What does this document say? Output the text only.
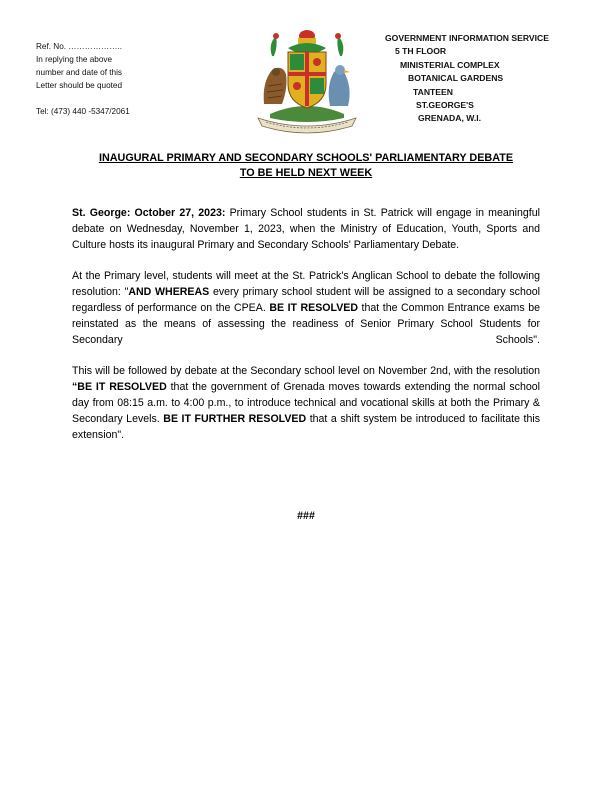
Ref. No. ………………..
In replying the above
number and date of this
Letter should be quoted
Tel: (473) 440 -5347/2061
GOVERNMENT INFORMATION SERVICE
5 TH FLOOR
MINISTERIAL COMPLEX
BOTANICAL GARDENS
TANTEEN
ST.GEORGE'S
GRENADA, W.I.
INAUGURAL PRIMARY AND SECONDARY SCHOOLS' PARLIAMENTARY DEBATE
TO BE HELD NEXT WEEK

St. George: October 27, 2023: Primary School students in St. Patrick will engage in meaningful debate on Wednesday, November 1, 2023, when the Ministry of Education, Youth, Sports and Culture hosts its inaugural Primary and Secondary Schools' Parliamentary Debate.

At the Primary level, students will meet at the St. Patrick's Anglican School to debate the following resolution: "AND WHEREAS every primary school student will be assigned to a secondary school regardless of performance on the CPEA. BE IT RESOLVED that the Common Entrance exams be reinstated as the means of assessing the readiness of Senior Primary School Students for Secondary Schools".

This will be followed by debate at the Secondary school level on November 2nd, with the resolution “BE IT RESOLVED that the government of Grenada moves towards extending the normal school day from 08:15 a.m. to 4:00 p.m., to introduce technical and vocational skills at both the Primary & Secondary Levels. BE IT FURTHER RESOLVED that a shift system be introduced to facilitate this extension".

###
